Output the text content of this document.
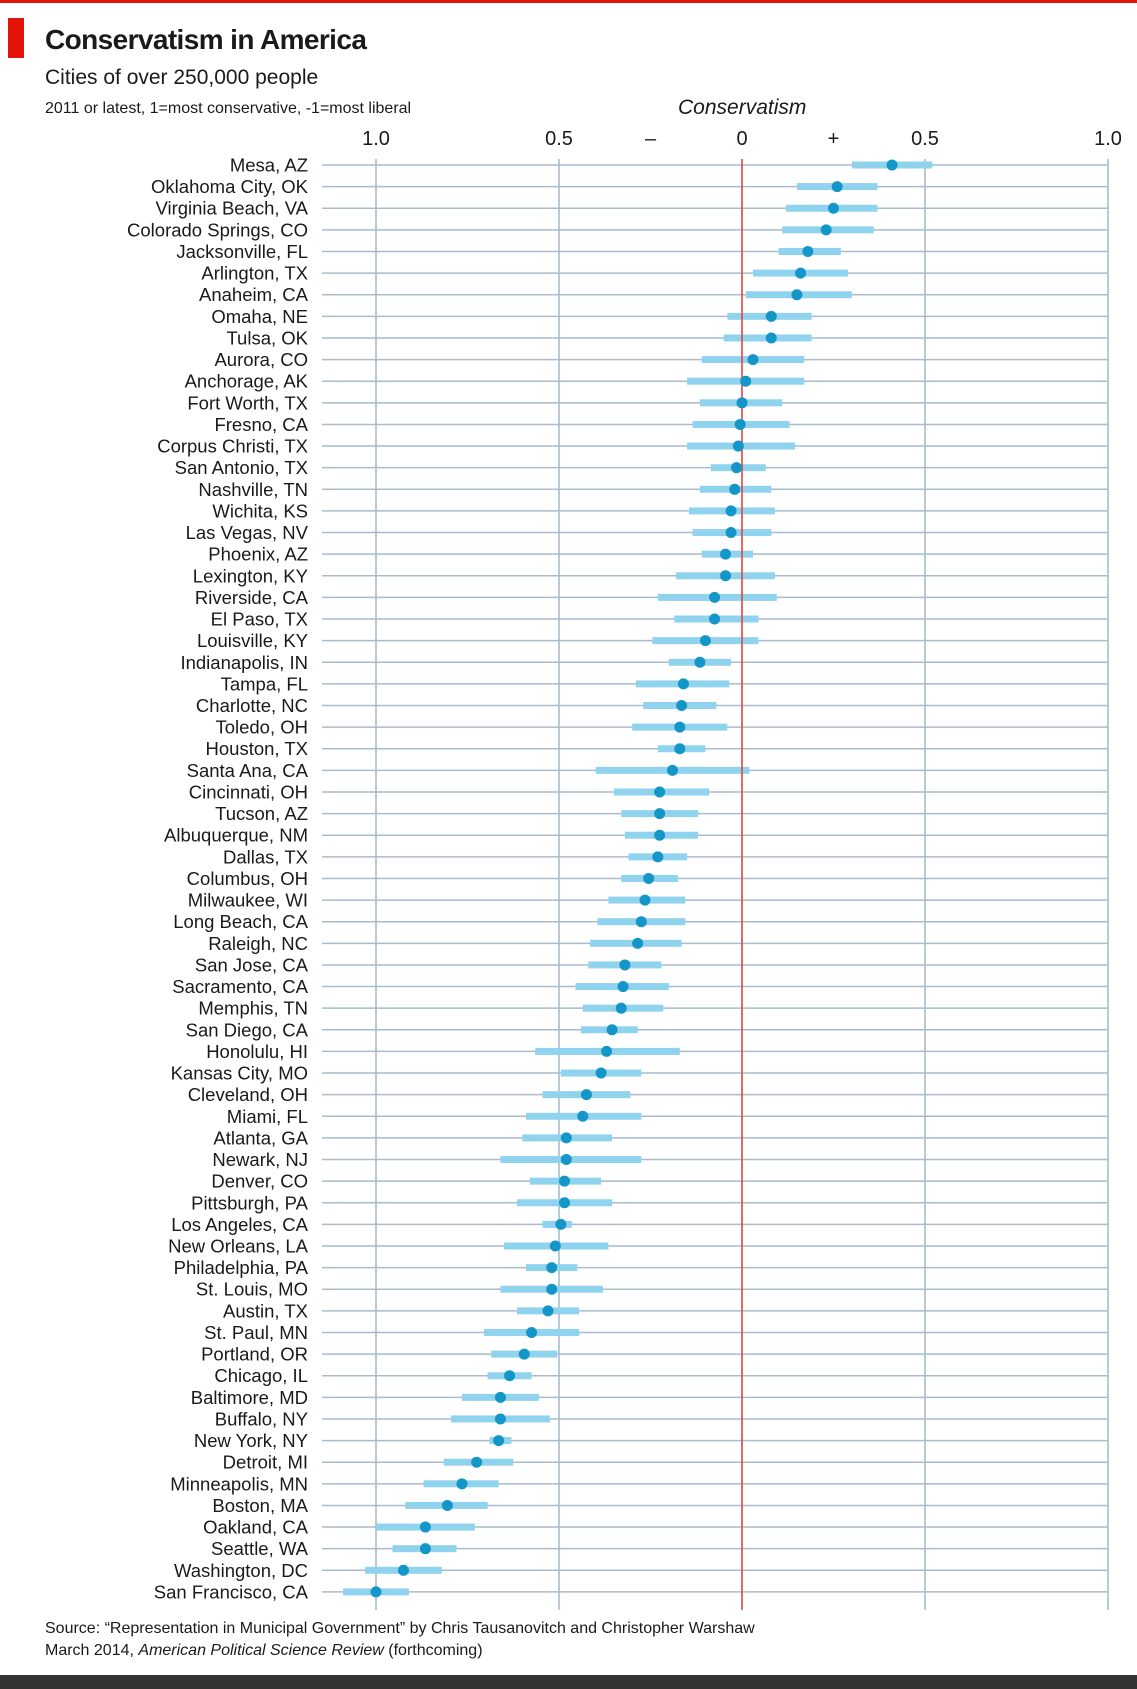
Conservatism in America
Cities of over 250,000 people
2011 or latest, 1=most conservative, -1=most liberal	Conservatism
1.0	0.5	–	0	+	0.5	1.0
Mesa, AZ
Oklahoma City, OK
Virginia Beach, VA
Colorado Springs, CO
Jacksonville, FL
Arlington, TX
Anaheim, CA
Omaha, NE
Tulsa, OK
Aurora, CO
Anchorage, AK
Fort Worth, TX
Fresno, CA
Corpus Christi, TX
San Antonio, TX
Nashville, TN
Wichita, KS
Las Vegas, NV
Phoenix, AZ
Lexington, KY
Riverside, CA
El Paso, TX
Louisville, KY
Indianapolis, IN
Tampa, FL
Charlotte, NC
Toledo, OH
Houston, TX
Santa Ana, CA
Cincinnati, OH
Tucson, AZ
Albuquerque, NM
Dallas, TX
Columbus, OH
Milwaukee, WI
Long Beach, CA
Raleigh, NC
San Jose, CA
Sacramento, CA
Memphis, TN
San Diego, CA
Honolulu, HI
Kansas City, MO
Cleveland, OH
Miami, FL
Atlanta, GA
Newark, NJ
Denver, CO
Pittsburgh, PA
Los Angeles, CA
New Orleans, LA
Philadelphia, PA
St. Louis, MO
Austin, TX
St. Paul, MN
Portland, OR
Chicago, IL
Baltimore, MD
Buffalo, NY
New York, NY
Detroit, MI
Minneapolis, MN
Boston, MA
Oakland, CA
Seattle, WA
Washington, DC
San Francisco, CA
Source: “Representation in Municipal Government” by Chris Tausanovitch and Christopher Warshaw
March 2014, American Political Science Review (forthcoming)
